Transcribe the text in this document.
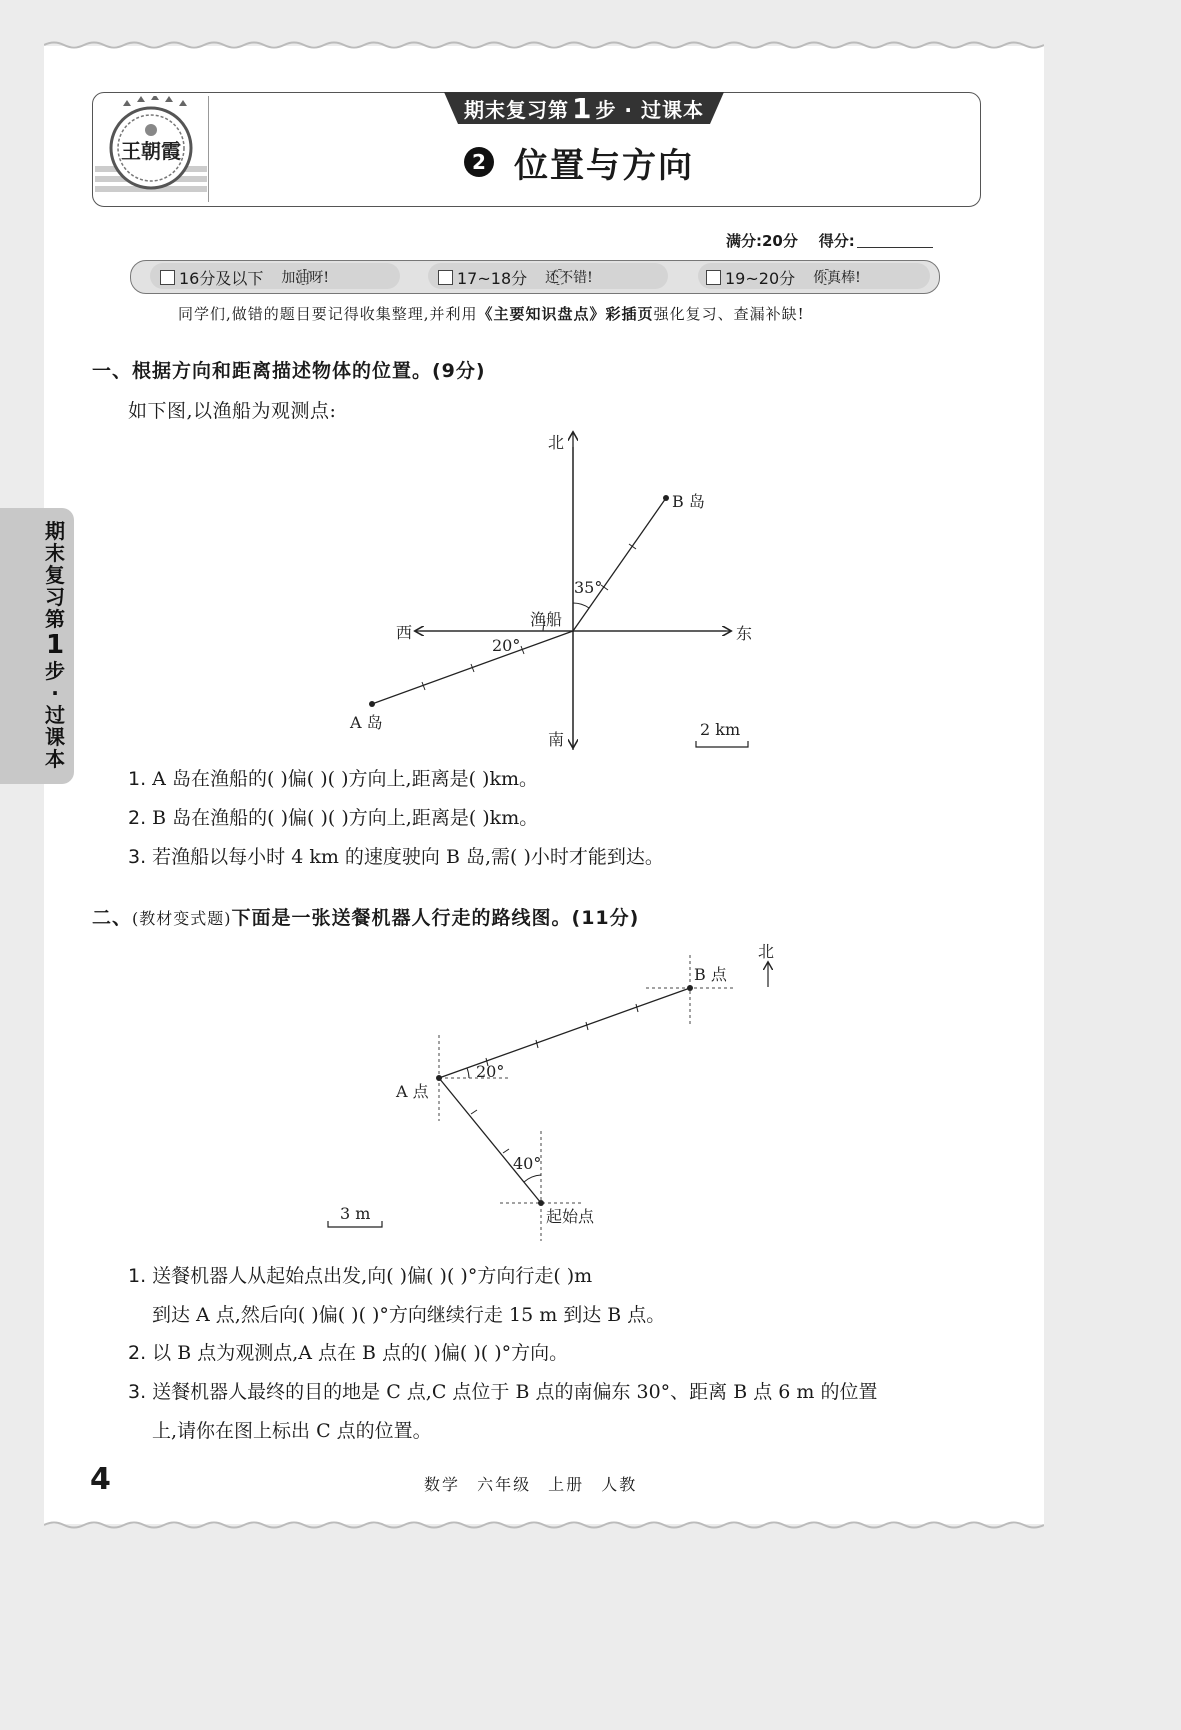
期
末
复
习
第
1
步
·
过
课
本
王朝霞
期末复习第 1 步 · 过课本
2 位置与方向
满分:20分 得分:
16分及以下 加油呀!	17~18分 还不错!	19~20分 你真棒!
同学们,做错的题目要记得收集整理,并利用《主要知识盘点》彩插页强化复习、查漏补缺!
一、根据方向和距离描述物体的位置。(9分)
如下图,以渔船为观测点:
北
南
东
西
渔船
B 岛
A 岛
35°
20°
2 km
1. A 岛在渔船的( )偏( )( )方向上,距离是( )km。
2. B 岛在渔船的( )偏( )( )方向上,距离是( )km。
3. 若渔船以每小时 4 km 的速度驶向 B 岛,需( )小时才能到达。
二、(教材变式题)下面是一张送餐机器人行走的路线图。(11分)
北
B 点
A 点
起始点
20°
40°
3 m
1. 送餐机器人从起始点出发,向( )偏( )( )°方向行走( )m
到达 A 点,然后向( )偏( )( )°方向继续行走 15 m 到达 B 点。
2. 以 B 点为观测点,A 点在 B 点的( )偏( )( )°方向。
3. 送餐机器人最终的目的地是 C 点,C 点位于 B 点的南偏东 30°、距离 B 点 6 m 的位置
上,请你在图上标出 C 点的位置。
4	数学 六年级 上册 人教
